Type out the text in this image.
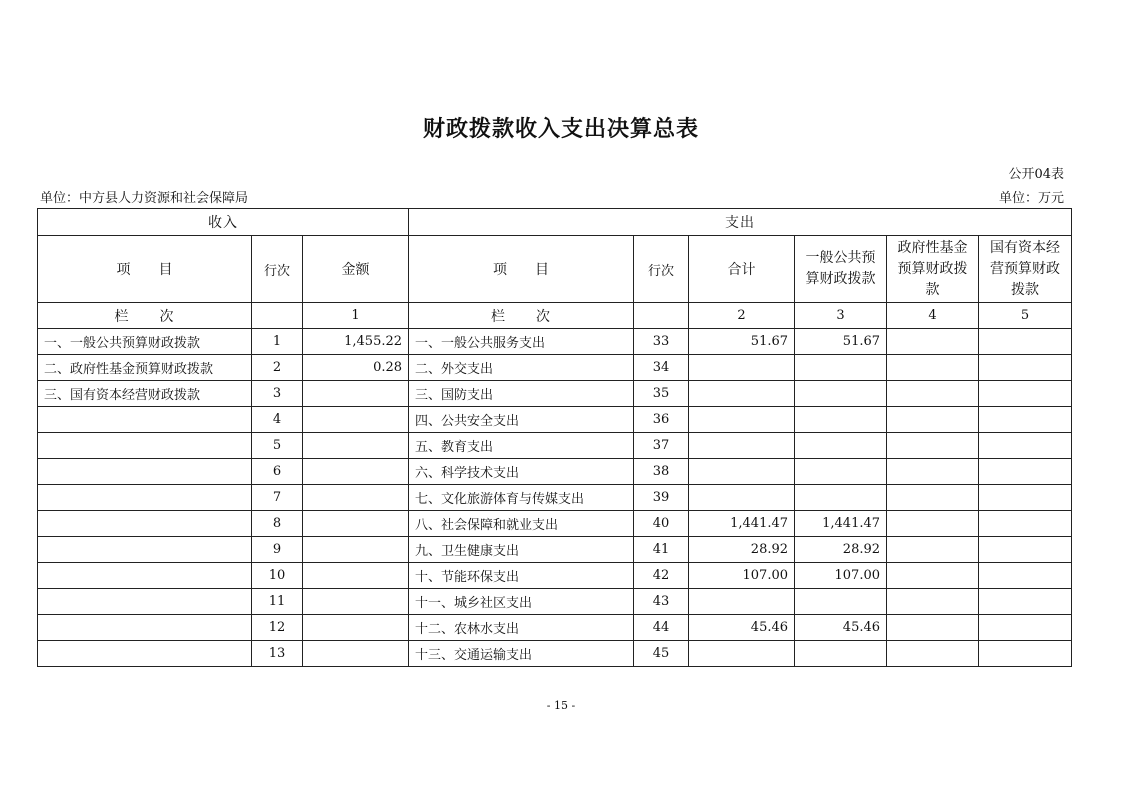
财政拨款收入支出决算总表
公开04表
单位：中方县人力资源和社会保障局	单位：万元
收入			支出					
项　　目	行次	金额	项　　目	行次	合计	一般公共预算财政拨款	政府性基金预算财政拨款	国有资本经营预算财政拨款
栏　　次		1	栏　　次		2	3	4	5
一、一般公共预算财政拨款	1	1,455.22	一、一般公共服务支出	33	51.67	51.67		
二、政府性基金预算财政拨款	2	0.28	二、外交支出	34				
三、国有资本经营财政拨款	3		三、国防支出	35				
	4		四、公共安全支出	36				
	5		五、教育支出	37				
	6		六、科学技术支出	38				
	7		七、文化旅游体育与传媒支出	39				
	8		八、社会保障和就业支出	40	1,441.47	1,441.47		
	9		九、卫生健康支出	41	28.92	28.92		
	10		十、节能环保支出	42	107.00	107.00		
	11		十一、城乡社区支出	43				
	12		十二、农林水支出	44	45.46	45.46		
	13		十三、交通运输支出	45				
- 15 -
